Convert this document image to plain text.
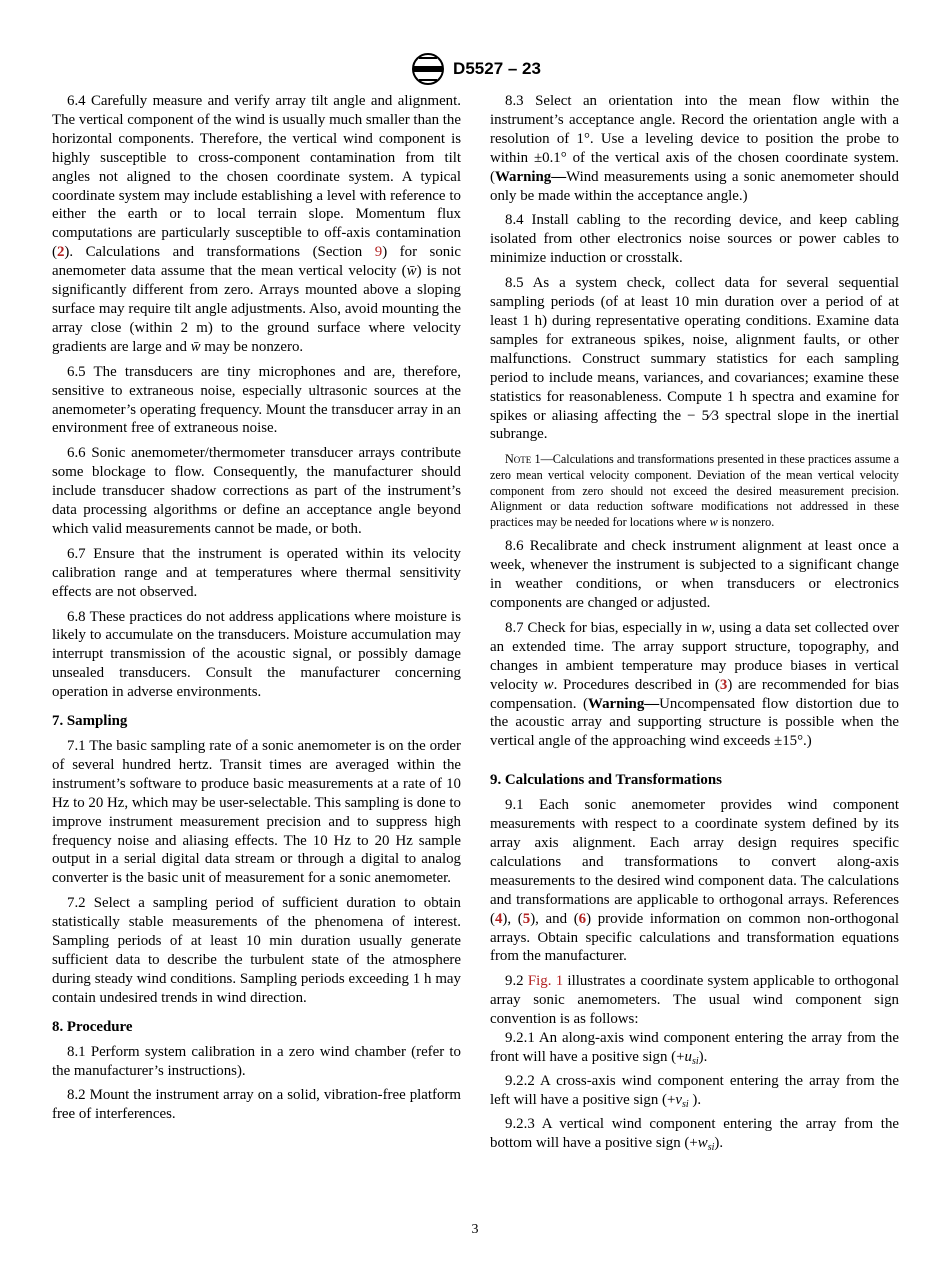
D5527 – 23

6.4 Carefully measure and verify array tilt angle and alignment. The vertical component of the wind is usually much smaller than the horizontal components. Therefore, the vertical wind component is highly susceptible to cross-component contamination from tilt angles not aligned to the chosen coordinate system. A typical coordinate system may include establishing a level with reference to either the earth or to local terrain slope. Momentum flux computations are particularly susceptible to off-axis contamination (2). Calculations and transformations (Section 9) for sonic anemometer data assume that the mean vertical velocity (w̄) is not significantly different from zero. Arrays mounted above a sloping surface may require tilt angle adjustments. Also, avoid mounting the array close (within 2 m) to the ground surface where velocity gradients are large and w̄ may be nonzero.

6.5 The transducers are tiny microphones and are, therefore, sensitive to extraneous noise, especially ultrasonic sources at the anemometer’s operating frequency. Mount the transducer array in an environment free of extraneous noise.

6.6 Sonic anemometer/thermometer transducer arrays contribute some blockage to flow. Consequently, the manufacturer should include transducer shadow corrections as part of the instrument’s data processing algorithms or define an acceptance angle beyond which valid measurements cannot be made, or both.

6.7 Ensure that the instrument is operated within its velocity calibration range and at temperatures where thermal sensitivity effects are not observed.

6.8 These practices do not address applications where moisture is likely to accumulate on the transducers. Moisture accumulation may interrupt transmission of the acoustic signal, or possibly damage unsealed transducers. Consult the manufacturer concerning operation in adverse environments.

7. Sampling

7.1 The basic sampling rate of a sonic anemometer is on the order of several hundred hertz. Transit times are averaged within the instrument’s software to produce basic measurements at a rate of 10 Hz to 20 Hz, which may be user-selectable. This sampling is done to improve instrument measurement precision and to suppress high frequency noise and aliasing effects. The 10 Hz to 20 Hz sample output in a serial digital data stream or through a digital to analog converter is the basic unit of measurement for a sonic anemometer.

7.2 Select a sampling period of sufficient duration to obtain statistically stable measurements of the phenomena of interest. Sampling periods of at least 10 min duration usually generate sufficient data to describe the turbulent state of the atmosphere during steady wind conditions. Sampling periods exceeding 1 h may contain undesired trends in wind direction.

8. Procedure

8.1 Perform system calibration in a zero wind chamber (refer to the manufacturer’s instructions).

8.2 Mount the instrument array on a solid, vibration-free platform free of interferences.

8.3 Select an orientation into the mean flow within the instrument’s acceptance angle. Record the orientation angle with a resolution of 1°. Use a leveling device to position the probe to within ±0.1° of the vertical axis of the chosen coordinate system. (Warning—Wind measurements using a sonic anemometer should only be made within the acceptance angle.)

8.4 Install cabling to the recording device, and keep cabling isolated from other electronics noise sources or power cables to minimize induction or crosstalk.

8.5 As a system check, collect data for several sequential sampling periods (of at least 10 min duration over a period of at least 1 h) during representative operating conditions. Examine data samples for extraneous spikes, noise, alignment faults, or other malfunctions. Construct summary statistics for each sampling period to include means, variances, and covariances; examine these statistics for reasonableness. Compute 1 h spectra and examine for spikes or aliasing affecting the − 5⁄3 spectral slope in the inertial subrange.

Note 1—Calculations and transformations presented in these practices assume a zero mean vertical velocity component. Deviation of the mean vertical velocity component from zero should not exceed the desired measurement precision. Alignment or data reduction software modifications not addressed in these practices may be needed for locations where w is nonzero.

8.6 Recalibrate and check instrument alignment at least once a week, whenever the instrument is subjected to a significant change in weather conditions, or when transducers or electronics components are changed or adjusted.

8.7 Check for bias, especially in w, using a data set collected over an extended time. The array support structure, topography, and changes in ambient temperature may produce biases in vertical velocity w. Procedures described in (3) are recommended for bias compensation. (Warning—Uncompensated flow distortion due to the acoustic array and supporting structure is possible when the vertical angle of the approaching wind exceeds ±15°.)

9. Calculations and Transformations

9.1 Each sonic anemometer provides wind component measurements with respect to a coordinate system defined by its array axis alignment. Each array design requires specific calculations and transformations to convert along-axis measurements to the desired wind component data. The calculations and transformations are applicable to orthogonal arrays. References (4), (5), and (6) provide information on common non-orthogonal arrays. Obtain specific calculations and transformation equations from the manufacturer.

9.2 Fig. 1 illustrates a coordinate system applicable to orthogonal array sonic anemometers. The usual wind component sign convention is as follows:

9.2.1 An along-axis wind component entering the array from the front will have a positive sign $(+u_{si})$.

9.2.2 A cross-axis wind component entering the array from the left will have a positive sign ($+v_{si}$ ).

9.2.3 A vertical wind component entering the array from the bottom will have a positive sign $(+w_{si})$.

3
